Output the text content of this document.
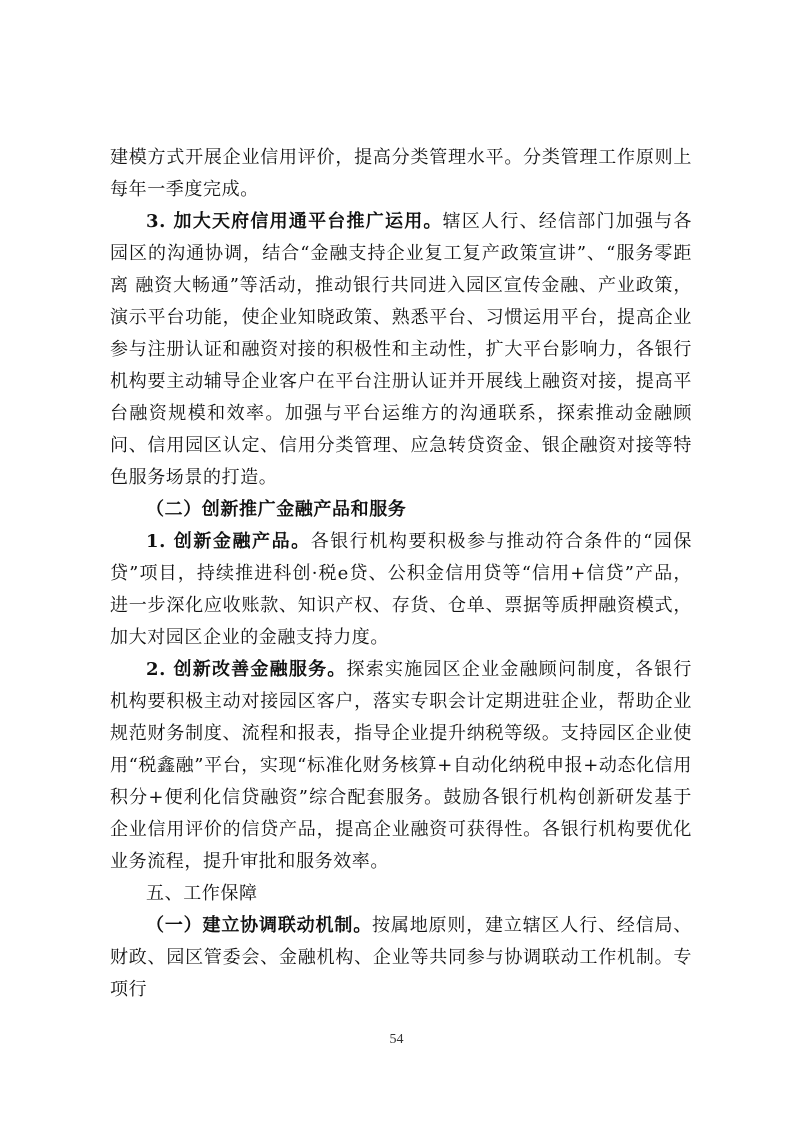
建模方式开展企业信用评价，提高分类管理水平。分类管理工作原则上每年一季度完成。

3. 加大天府信用通平台推广运用。辖区人行、经信部门加强与各园区的沟通协调，结合“金融支持企业复工复产政策宣讲”、“服务零距离 融资大畅通”等活动，推动银行共同进入园区宣传金融、产业政策，演示平台功能，使企业知晓政策、熟悉平台、习惯运用平台，提高企业参与注册认证和融资对接的积极性和主动性，扩大平台影响力，各银行机构要主动辅导企业客户在平台注册认证并开展线上融资对接，提高平台融资规模和效率。加强与平台运维方的沟通联系，探索推动金融顾问、信用园区认定、信用分类管理、应急转贷资金、银企融资对接等特色服务场景的打造。

（二）创新推广金融产品和服务

1. 创新金融产品。各银行机构要积极参与推动符合条件的“园保贷”项目，持续推进科创·税e贷、公积金信用贷等“信用+信贷”产品，进一步深化应收账款、知识产权、存货、仓单、票据等质押融资模式，加大对园区企业的金融支持力度。

2. 创新改善金融服务。探索实施园区企业金融顾问制度，各银行机构要积极主动对接园区客户，落实专职会计定期进驻企业，帮助企业规范财务制度、流程和报表，指导企业提升纳税等级。支持园区企业使用“税鑫融”平台，实现“标准化财务核算+自动化纳税申报+动态化信用积分+便利化信贷融资”综合配套服务。鼓励各银行机构创新研发基于企业信用评价的信贷产品，提高企业融资可获得性。各银行机构要优化业务流程，提升审批和服务效率。

五、工作保障

（一）建立协调联动机制。按属地原则，建立辖区人行、经信局、财政、园区管委会、金融机构、企业等共同参与协调联动工作机制。专项行

54
